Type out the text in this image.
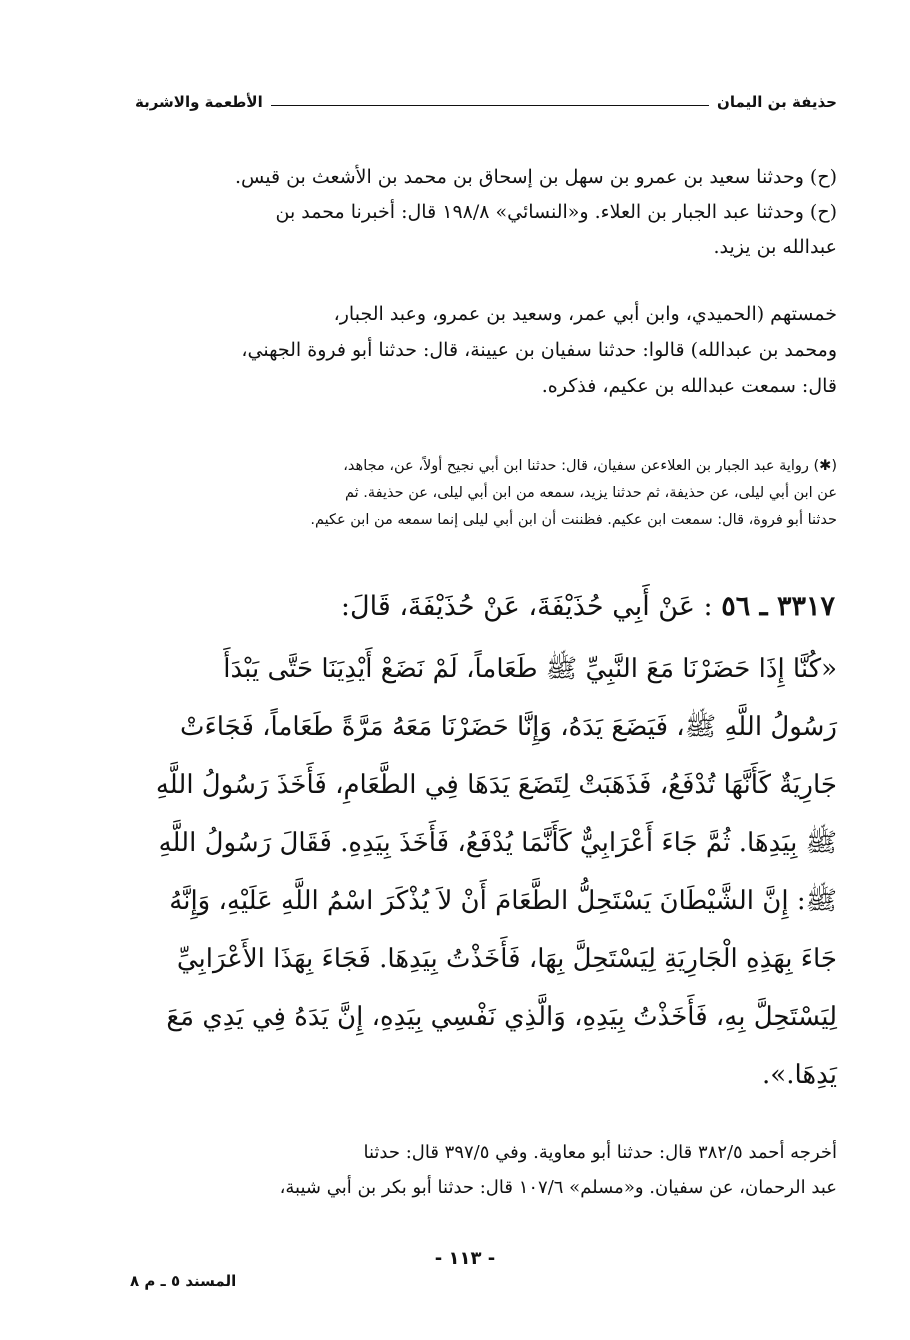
حذيفة بن اليمان
الأطعمة والاشربة

(ح) وحدثنا سعيد بن عمرو بن سهل بن إسحاق بن محمد بن الأشعث بن قيس.

(ح) وحدثنا عبد الجبار بن العلاء. و«النسائي» ١٩٨/٨ قال: أخبرنا محمد بن

عبدالله بن يزيد.

خمستهم (الحميدي، وابن أبي عمر، وسعيد بن عمرو، وعبد الجبار،

ومحمد بن عبدالله) قالوا: حدثنا سفيان بن عيينة، قال: حدثنا أبو فروة الجهني،

قال: سمعت عبدالله بن عكيم، فذكره.

(✱) رواية عبد الجبار بن العلاءعن سفيان، قال: حدثنا ابن أبي نجيح أولاً، عن، مجاهد،

عن ابن أبي ليلى، عن حذيفة، ثم حدثنا يزيد، سمعه من ابن أبي ليلى، عن حذيفة. ثم

حدثنا أبو فروة، قال: سمعت ابن عكيم. فظننت أن ابن أبي ليلى إنما سمعه من ابن عكيم.

٣٣١٧ ـ ٥٦ : عَنْ أَبِي حُذَيْفَةَ، عَنْ حُذَيْفَةَ، قَالَ:

«كُنَّا إِذَا حَضَرْنَا مَعَ النَّبِيِّ ﷺ طَعَاماً، لَمْ نَضَعْ أَيْدِيَنَا حَتَّى يَبْدَأَ

رَسُولُ اللَّهِ ﷺ، فَيَضَعَ يَدَهُ، وَإِنَّا حَضَرْنَا مَعَهُ مَرَّةً طَعَاماً، فَجَاءَتْ

جَارِيَةٌ كَأَنَّهَا تُدْفَعُ، فَذَهَبَتْ لِتَضَعَ يَدَهَا فِي الطَّعَامِ، فَأَخَذَ رَسُولُ اللَّهِ

ﷺ بِيَدِهَا. ثُمَّ جَاءَ أَعْرَابِيٌّ كَأَنَّمَا يُدْفَعُ، فَأَخَذَ بِيَدِهِ. فَقَالَ رَسُولُ اللَّهِ

ﷺ: إِنَّ الشَّيْطَانَ يَسْتَحِلُّ الطَّعَامَ أَنْ لاَ يُذْكَرَ اسْمُ اللَّهِ عَلَيْهِ، وَإِنَّهُ

جَاءَ بِهَذِهِ الْجَارِيَةِ لِيَسْتَحِلَّ بِهَا، فَأَخَذْتُ بِيَدِهَا. فَجَاءَ بِهَذَا الأَعْرَابِيِّ

لِيَسْتَحِلَّ بِهِ، فَأَخَذْتُ بِيَدِهِ، وَالَّذِي نَفْسِي بِيَدِهِ، إِنَّ يَدَهُ فِي يَدِي مَعَ

يَدِهَا.».

أخرجه أحمد ٣٨٢/٥ قال: حدثنا أبو معاوية. وفي ٣٩٧/٥ قال: حدثنا

عبد الرحمان، عن سفيان. و«مسلم» ١٠٧/٦ قال: حدثنا أبو بكر بن أبي شيبة،

- ١١٣ -
المسند ٥ ـ م ٨
